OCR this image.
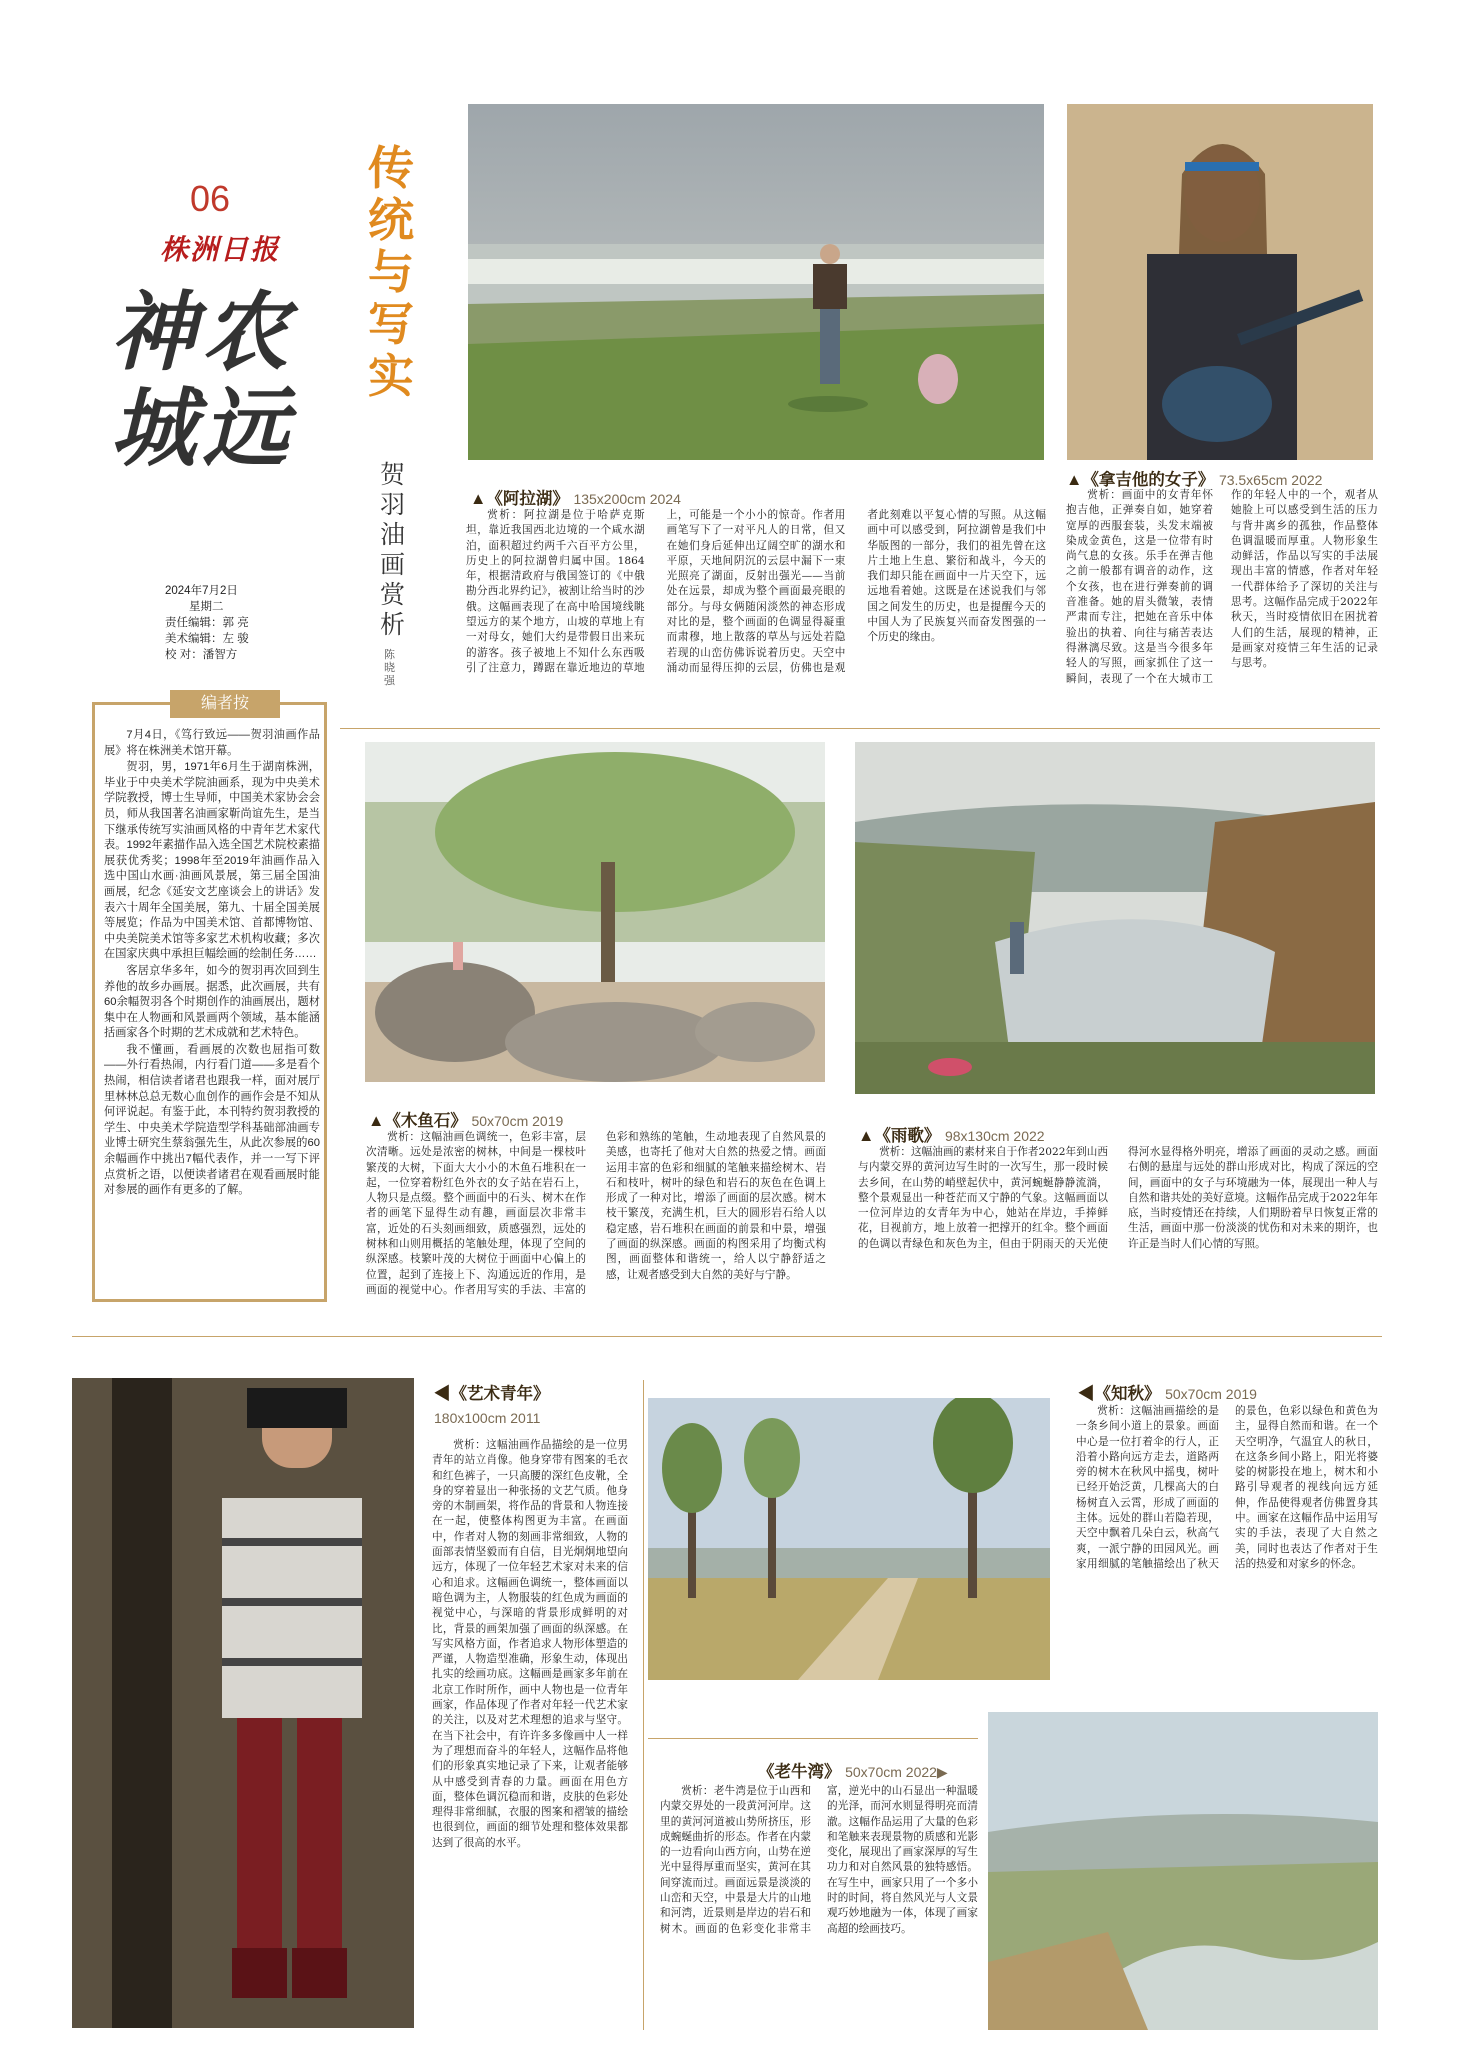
06
株洲日报
神农城远
2024年7月2日
星期二
责任编辑：郭 亮
美术编辑：左 骏
校 对：潘智方
传统与写实
贺羽油画赏析
陈晓强
编者按

7月4日，《笃行致远——贺羽油画作品展》将在株洲美术馆开幕。

贺羽，男，1971年6月生于湖南株洲，毕业于中央美术学院油画系，现为中央美术学院教授，博士生导师，中国美术家协会会员，师从我国著名油画家靳尚谊先生，是当下继承传统写实油画风格的中青年艺术家代表。1992年素描作品入选全国艺术院校素描展获优秀奖；1998年至2019年油画作品入选中国山水画·油画风景展，第三届全国油画展，纪念《延安文艺座谈会上的讲话》发表六十周年全国美展，第九、十届全国美展等展览；作品为中国美术馆、首都博物馆、中央美院美术馆等多家艺术机构收藏；多次在国家庆典中承担巨幅绘画的绘制任务……

客居京华多年，如今的贺羽再次回到生养他的故乡办画展。据悉，此次画展，共有60余幅贺羽各个时期创作的油画展出，题材集中在人物画和风景画两个领域，基本能涵括画家各个时期的艺术成就和艺术特色。

我不懂画，看画展的次数也屈指可数——外行看热闹，内行看门道——多是看个热闹，相信读者诸君也跟我一样，面对展厅里林林总总无数心血创作的画作会是不知从何评说起。有鉴于此，本刊特约贺羽教授的学生、中央美术学院造型学科基础部油画专业博士研究生蔡翁强先生，从此次参展的60余幅画作中挑出7幅代表作，并一一写下评点赏析之语，以便读者诸君在观看画展时能对参展的画作有更多的了解。

▲《阿拉湖》 135x200cm 2024

赏析：阿拉湖是位于哈萨克斯坦，靠近我国西北边境的一个咸水湖泊，面积超过约两千六百平方公里，历史上的阿拉湖曾归属中国。1864年，根据清政府与俄国签订的《中俄勘分西北界约记》，被割让给当时的沙俄。这幅画表现了在高中哈国境线眺望远方的某个地方，山坡的草地上有一对母女，她们大约是带假日出来玩的游客。孩子被地上不知什么东西吸引了注意力，蹲踞在靠近地边的草地上，可能是一个小小的惊奇。作者用画笔写下了一对平凡人的日常，但又在她们身后延伸出辽阔空旷的湖水和平原，天地间阴沉的云层中漏下一束光照亮了湖面，反射出强光——当前处在远景，却成为整个画面最亮眼的部分。与母女俩随闲淡然的神态形成对比的是，整个画面的色调显得凝重而肃穆，地上散落的草丛与远处若隐若现的山峦仿佛诉说着历史。天空中涌动而显得压抑的云层，仿佛也是观者此刻难以平复心情的写照。从这幅画中可以感受到，阿拉湖曾是我们中华版图的一部分，我们的祖先曾在这片土地上生息、繁衍和战斗，今天的我们却只能在画面中一片天空下，远远地看着她。这既是在述说我们与邻国之间发生的历史，也是提醒今天的中国人为了民族复兴而奋发图强的一个历史的缘由。

▲《拿吉他的女子》 73.5x65cm 2022

赏析：画面中的女青年怀抱吉他，正弹奏自如，她穿着宽厚的西服套装，头发末端被染成金黄色，这是一位带有时尚气息的女孩。乐手在弹吉他之前一般都有调音的动作，这个女孩，也在进行弹奏前的调音准备。她的眉头微皱，表情严肃而专注，把她在音乐中体验出的执着、向往与痛苦表达得淋漓尽致。这是当今很多年轻人的写照，画家抓住了这一瞬间，表现了一个在大城市工作的年轻人中的一个，观者从她脸上可以感受到生活的压力与背井离乡的孤独，作品整体色调温暖而厚重。人物形象生动鲜活，作品以写实的手法展现出丰富的情感，作者对年轻一代群体给予了深切的关注与思考。这幅作品完成于2022年秋天，当时疫情依旧在困扰着人们的生活，展现的精神，正是画家对疫情三年生活的记录与思考。

▲《木鱼石》 50x70cm 2019

赏析：这幅油画色调统一，色彩丰富，层次清晰。远处是浓密的树林，中间是一棵枝叶繁茂的大树，下面大大小小的木鱼石堆积在一起，一位穿着粉红色外衣的女子站在岩石上，人物只是点缀。整个画面中的石头、树木在作者的画笔下显得生动有趣，画面层次非常丰富，近处的石头刻画细致，质感强烈，远处的树林和山则用概括的笔触处理，体现了空间的纵深感。枝繁叶茂的大树位于画面中心偏上的位置，起到了连接上下、沟通远近的作用，是画面的视觉中心。作者用写实的手法、丰富的色彩和熟练的笔触，生动地表现了自然风景的美感，也寄托了他对大自然的热爱之情。画面运用丰富的色彩和细腻的笔触来描绘树木、岩石和枝叶，树叶的绿色和岩石的灰色在色调上形成了一种对比，增添了画面的层次感。树木枝干繁茂，充满生机，巨大的圆形岩石给人以稳定感，岩石堆积在画面的前景和中景，增强了画面的纵深感。画面的构图采用了均衡式构图，画面整体和谐统一，给人以宁静舒适之感，让观者感受到大自然的美好与宁静。

▲《雨歌》 98x130cm 2022

赏析：这幅油画的素材来自于作者2022年到山西与内蒙交界的黄河边写生时的一次写生，那一段时候去乡间，在山势的峭壁起伏中，黄河蜿蜒静静流淌，整个景观显出一种苍茫而又宁静的气象。这幅画面以一位河岸边的女青年为中心，她站在岸边，手捧鲜花，目视前方，地上放着一把撑开的红伞。整个画面的色调以青绿色和灰色为主，但由于阴雨天的天光使得河水显得格外明亮，增添了画面的灵动之感。画面右侧的悬崖与远处的群山形成对比，构成了深远的空间，画面中的女子与环境融为一体，展现出一种人与自然和谐共处的美好意境。这幅作品完成于2022年年底，当时疫情还在持续，人们期盼着早日恢复正常的生活，画面中那一份淡淡的忧伤和对未来的期许，也许正是当时人们心情的写照。

◀《艺术青年》
180x100cm 2011

赏析：这幅油画作品描绘的是一位男青年的站立肖像。他身穿带有图案的毛衣和红色裤子，一只高腰的深红色皮靴，全身的穿着显出一种张扬的文艺气质。他身旁的木制画架，将作品的背景和人物连接在一起，使整体构图更为丰富。在画面中，作者对人物的刻画非常细致，人物的面部表情坚毅而有自信，目光炯炯地望向远方，体现了一位年轻艺术家对未来的信心和追求。这幅画色调统一，整体画面以暗色调为主，人物服装的红色成为画面的视觉中心，与深暗的背景形成鲜明的对比，背景的画架加强了画面的纵深感。在写实风格方面，作者追求人物形体塑造的严谨，人物造型准确，形象生动，体现出扎实的绘画功底。这幅画是画家多年前在北京工作时所作，画中人物也是一位青年画家，作品体现了作者对年轻一代艺术家的关注，以及对艺术理想的追求与坚守。在当下社会中，有许许多多像画中人一样为了理想而奋斗的年轻人，这幅作品将他们的形象真实地记录了下来，让观者能够从中感受到青春的力量。画面在用色方面，整体色调沉稳而和谐，皮肤的色彩处理得非常细腻，衣服的图案和褶皱的描绘也很到位，画面的细节处理和整体效果都达到了很高的水平。

◀《知秋》 50x70cm 2019

赏析：这幅油画描绘的是一条乡间小道上的景象。画面中心是一位打着伞的行人，正沿着小路向远方走去，道路两旁的树木在秋风中摇曳，树叶已经开始泛黄，几棵高大的白杨树直入云霄，形成了画面的主体。远处的群山若隐若现，天空中飘着几朵白云，秋高气爽，一派宁静的田园风光。画家用细腻的笔触描绘出了秋天的景色，色彩以绿色和黄色为主，显得自然而和谐。在一个天空明净，气温宜人的秋日，在这条乡间小路上，阳光将婆娑的树影投在地上，树木和小路引导观者的视线向远方延伸，作品使得观者仿佛置身其中。画家在这幅作品中运用写实的手法，表现了大自然之美，同时也表达了作者对于生活的热爱和对家乡的怀念。

《老牛湾》 50x70cm 2022▶

赏析：老牛湾是位于山西和内蒙交界处的一段黄河河岸。这里的黄河河道被山势所挤压，形成蜿蜒曲折的形态。作者在内蒙的一边看向山西方向，山势在逆光中显得厚重而坚实，黄河在其间穿流而过。画面远景是淡淡的山峦和天空，中景是大片的山地和河湾，近景则是岸边的岩石和树木。画面的色彩变化非常丰富，逆光中的山石显出一种温暖的光泽，而河水则显得明亮而清澈。这幅作品运用了大量的色彩和笔触来表现景物的质感和光影变化，展现出了画家深厚的写生功力和对自然风景的独特感悟。在写生中，画家只用了一个多小时的时间，将自然风光与人文景观巧妙地融为一体，体现了画家高超的绘画技巧。
